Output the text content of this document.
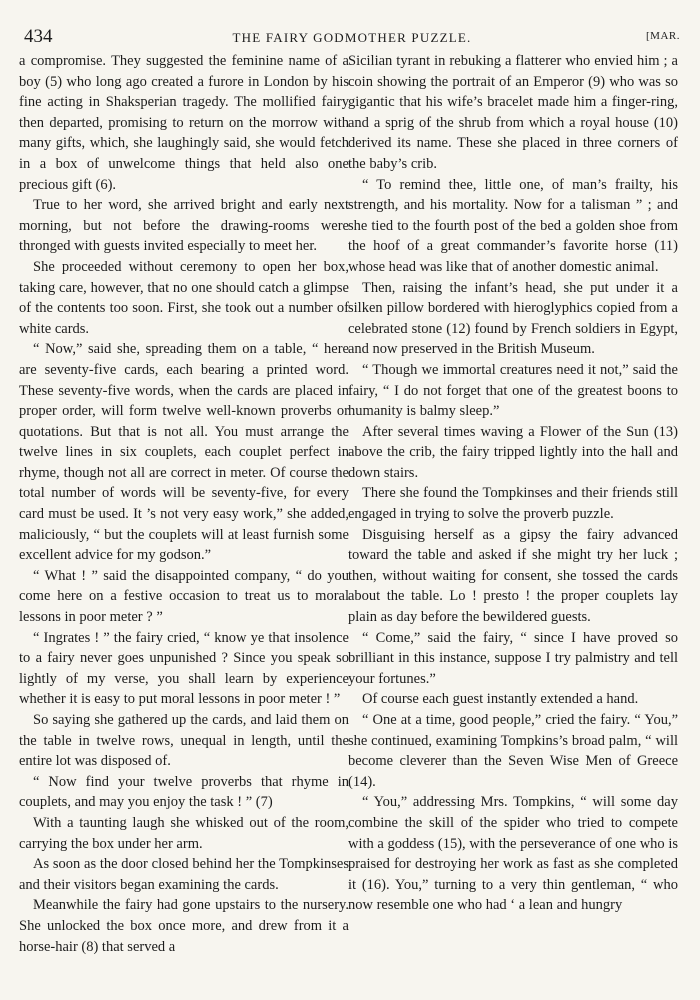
434	THE FAIRY GODMOTHER PUZZLE.	[MAR.

a compromise. They suggested the feminine name of a boy (5) who long ago created a furore in London by his fine acting in Shaksperian tragedy. The mollified fairy then departed, promising to return on the morrow with many gifts, which, she laughingly said, she would fetch in a box of unwelcome things that held also one precious gift (6).

True to her word, she arrived bright and early next morning, but not before the drawing-rooms were thronged with guests invited especially to meet her.

She proceeded without ceremony to open her box, taking care, however, that no one should catch a glimpse of the contents too soon. First, she took out a number of white cards.

“ Now,” said she, spreading them on a table, “ here are seventy-five cards, each bearing a printed word. These seventy-five words, when the cards are placed in proper order, will form twelve well-known proverbs or quotations. But that is not all. You must arrange the twelve lines in six couplets, each couplet perfect in rhyme, though not all are correct in meter. Of course the total number of words will be seventy-five, for every card must be used. It ’s not very easy work,” she added, maliciously, “ but the couplets will at least furnish some excellent advice for my godson.”

“ What ! ” said the disappointed company, “ do you come here on a festive occasion to treat us to moral lessons in poor meter ? ”

“ Ingrates ! ” the fairy cried, “ know ye that insolence to a fairy never goes unpunished ? Since you speak so lightly of my verse, you shall learn by experience whether it is easy to put moral lessons in poor meter ! ”

So saying she gathered up the cards, and laid them on the table in twelve rows, unequal in length, until the entire lot was disposed of.

“ Now find your twelve proverbs that rhyme in couplets, and may you enjoy the task ! ” (7)

With a taunting laugh she whisked out of the room, carrying the box under her arm.

As soon as the door closed behind her the Tompkinses and their visitors began examining the cards.

Meanwhile the fairy had gone upstairs to the nursery. She unlocked the box once more, and drew from it a horse-hair (8) that served a

Sicilian tyrant in rebuking a flatterer who envied him ; a coin showing the portrait of an Emperor (9) who was so gigantic that his wife’s bracelet made him a finger-ring, and a sprig of the shrub from which a royal house (10) derived its name. These she placed in three corners of the baby’s crib.

“ To remind thee, little one, of man’s frailty, his strength, and his mortality. Now for a talisman ” ; and she tied to the fourth post of the bed a golden shoe from the hoof of a great commander’s favorite horse (11) whose head was like that of another domestic animal.

Then, raising the infant’s head, she put under it a silken pillow bordered with hieroglyphics copied from a celebrated stone (12) found by French soldiers in Egypt, and now preserved in the British Museum.

“ Though we immortal creatures need it not,” said the fairy, “ I do not forget that one of the greatest boons to humanity is balmy sleep.”

After several times waving a Flower of the Sun (13) above the crib, the fairy tripped lightly into the hall and down stairs.

There she found the Tompkinses and their friends still engaged in trying to solve the proverb puzzle.

Disguising herself as a gipsy the fairy advanced toward the table and asked if she might try her luck ; then, without waiting for consent, she tossed the cards about the table. Lo ! presto ! the proper couplets lay plain as day before the bewildered guests.

“ Come,” said the fairy, “ since I have proved so brilliant in this instance, suppose I try palmistry and tell your fortunes.”

Of course each guest instantly extended a hand.

“ One at a time, good people,” cried the fairy. “ You,” she continued, examining Tompkins’s broad palm, “ will become cleverer than the Seven Wise Men of Greece (14).

“ You,” addressing Mrs. Tompkins, “ will some day combine the skill of the spider who tried to compete with a goddess (15), with the perseverance of one who is praised for destroying her work as fast as she completed it (16). You,” turning to a very thin gentleman, “ who now resemble one who had ‘ a lean and hungry
